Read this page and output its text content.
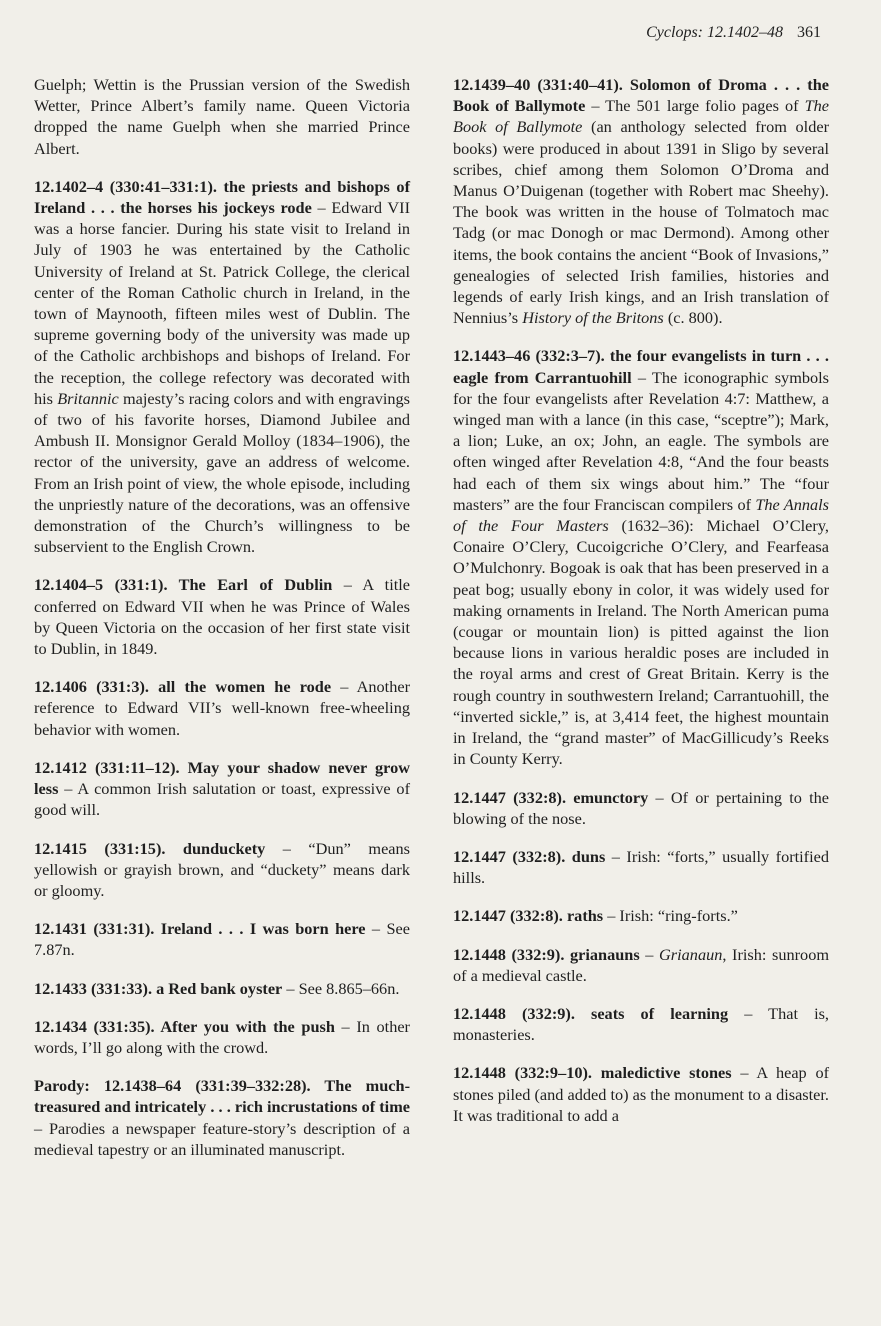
Cyclops: 12.1402–48 361

Guelph; Wettin is the Prussian version of the Swedish Wetter, Prince Albert’s family name. Queen Victoria dropped the name Guelph when she married Prince Albert.

12.1402–4 (330:41–331:1). the priests and bishops of Ireland . . . the horses his jockeys rode – Edward VII was a horse fancier. During his state visit to Ireland in July of 1903 he was entertained by the Catholic University of Ireland at St. Patrick College, the clerical center of the Roman Catholic church in Ireland, in the town of Maynooth, fifteen miles west of Dublin. The supreme governing body of the university was made up of the Catholic archbishops and bishops of Ireland. For the reception, the college refectory was decorated with his Britannic majesty’s racing colors and with engravings of two of his favorite horses, Diamond Jubilee and Ambush II. Monsignor Gerald Molloy (1834–1906), the rector of the university, gave an address of welcome. From an Irish point of view, the whole episode, including the unpriestly nature of the decorations, was an offensive demonstration of the Church’s willingness to be subservient to the English Crown.

12.1404–5 (331:1). The Earl of Dublin – A title conferred on Edward VII when he was Prince of Wales by Queen Victoria on the occasion of her first state visit to Dublin, in 1849.

12.1406 (331:3). all the women he rode – Another reference to Edward VII’s well-known free-wheeling behavior with women.

12.1412 (331:11–12). May your shadow never grow less – A common Irish salutation or toast, expressive of good will.

12.1415 (331:15). dunduckety – “Dun” means yellowish or grayish brown, and “duckety” means dark or gloomy.

12.1431 (331:31). Ireland . . . I was born here – See 7.87n.

12.1433 (331:33). a Red bank oyster – See 8.865–66n.

12.1434 (331:35). After you with the push – In other words, I’ll go along with the crowd.

Parody: 12.1438–64 (331:39–332:28). The much-treasured and intricately . . . rich incrustations of time – Parodies a newspaper feature-story’s description of a medieval tapestry or an illuminated manuscript.

12.1439–40 (331:40–41). Solomon of Droma . . . the Book of Ballymote – The 501 large folio pages of The Book of Ballymote (an anthology selected from older books) were produced in about 1391 in Sligo by several scribes, chief among them Solomon O’Droma and Manus O’Duigenan (together with Robert mac Sheehy). The book was written in the house of Tolmatoch mac Tadg (or mac Donogh or mac Dermond). Among other items, the book contains the ancient “Book of Invasions,” genealogies of selected Irish families, histories and legends of early Irish kings, and an Irish translation of Nennius’s History of the Britons (c. 800).

12.1443–46 (332:3–7). the four evangelists in turn . . . eagle from Carrantuohill – The iconographic symbols for the four evangelists after Revelation 4:7: Matthew, a winged man with a lance (in this case, “sceptre”); Mark, a lion; Luke, an ox; John, an eagle. The symbols are often winged after Revelation 4:8, “And the four beasts had each of them six wings about him.” The “four masters” are the four Franciscan compilers of The Annals of the Four Masters (1632–36): Michael O’Clery, Conaire O’Clery, Cucoigcriche O’Clery, and Fearfeasa O’Mulchonry. Bogoak is oak that has been preserved in a peat bog; usually ebony in color, it was widely used for making ornaments in Ireland. The North American puma (cougar or mountain lion) is pitted against the lion because lions in various heraldic poses are included in the royal arms and crest of Great Britain. Kerry is the rough country in southwestern Ireland; Carrantuohill, the “inverted sickle,” is, at 3,414 feet, the highest mountain in Ireland, the “grand master” of MacGillicudy’s Reeks in County Kerry.

12.1447 (332:8). emunctory – Of or pertaining to the blowing of the nose.

12.1447 (332:8). duns – Irish: “forts,” usually fortified hills.

12.1447 (332:8). raths – Irish: “ring-forts.”

12.1448 (332:9). grianauns – Grianaun, Irish: sunroom of a medieval castle.

12.1448 (332:9). seats of learning – That is, monasteries.

12.1448 (332:9–10). maledictive stones – A heap of stones piled (and added to) as the monument to a disaster. It was traditional to add a
